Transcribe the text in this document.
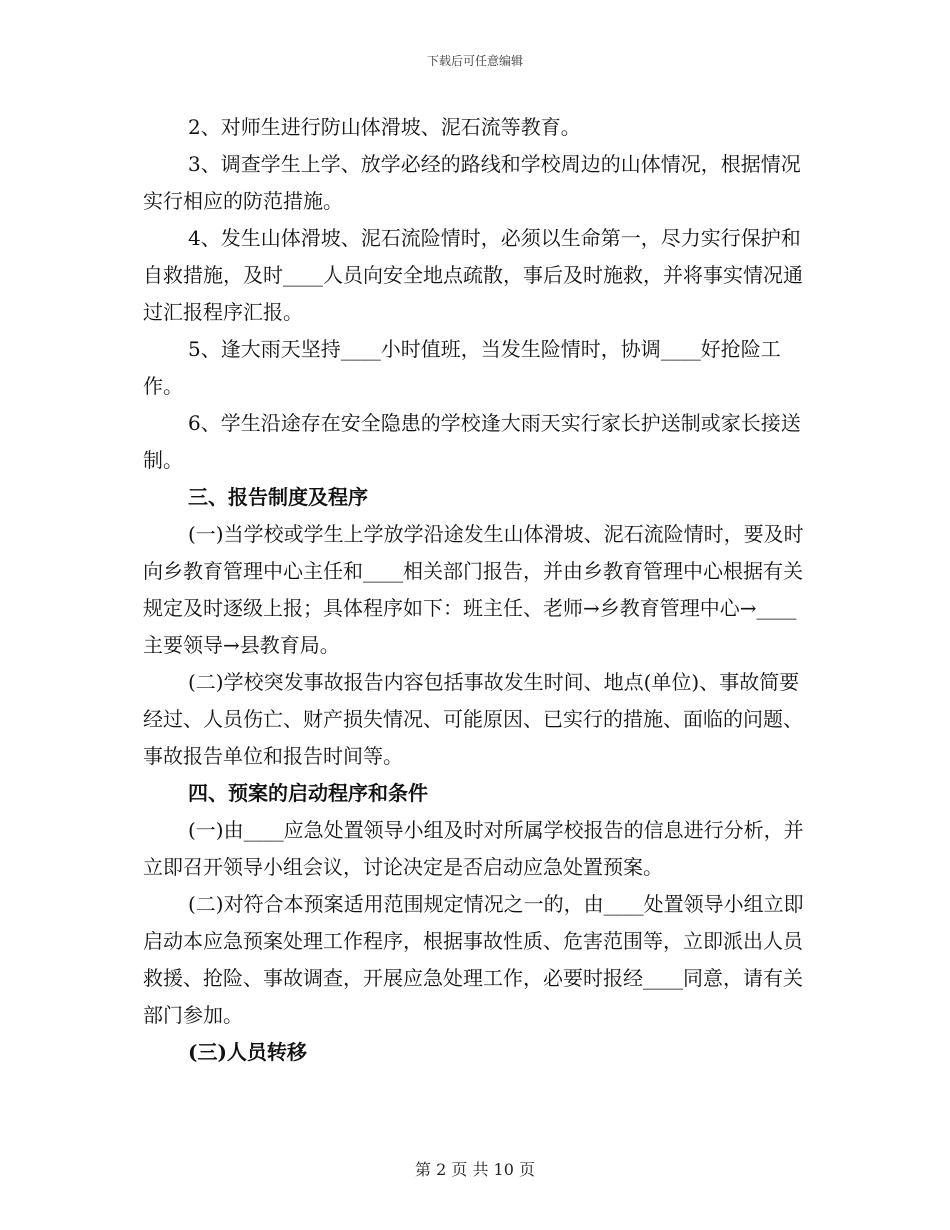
下载后可任意编辑

2、对师生进行防山体滑坡、泥石流等教育。

3、调查学生上学、放学必经的路线和学校周边的山体情况，根据情况实行相应的防范措施。

4、发生山体滑坡、泥石流险情时，必须以生命第一，尽力实行保护和自救措施，及时____人员向安全地点疏散，事后及时施救，并将事实情况通过汇报程序汇报。

5、逢大雨天坚持____小时值班，当发生险情时，协调____好抢险工作。

6、学生沿途存在安全隐患的学校逢大雨天实行家长护送制或家长接送制。

三、报告制度及程序

(一)当学校或学生上学放学沿途发生山体滑坡、泥石流险情时，要及时向乡教育管理中心主任和____相关部门报告，并由乡教育管理中心根据有关规定及时逐级上报；具体程序如下：班主任、老师→乡教育管理中心→____主要领导→县教育局。

(二)学校突发事故报告内容包括事故发生时间、地点(单位)、事故简要经过、人员伤亡、财产损失情况、可能原因、已实行的措施、面临的问题、事故报告单位和报告时间等。

四、预案的启动程序和条件

(一)由____应急处置领导小组及时对所属学校报告的信息进行分析，并立即召开领导小组会议，讨论决定是否启动应急处置预案。

(二)对符合本预案适用范围规定情况之一的，由____处置领导小组立即启动本应急预案处理工作程序，根据事故性质、危害范围等，立即派出人员救援、抢险、事故调查，开展应急处理工作，必要时报经____同意，请有关部门参加。

(三)人员转移

第 2 页 共 10 页
